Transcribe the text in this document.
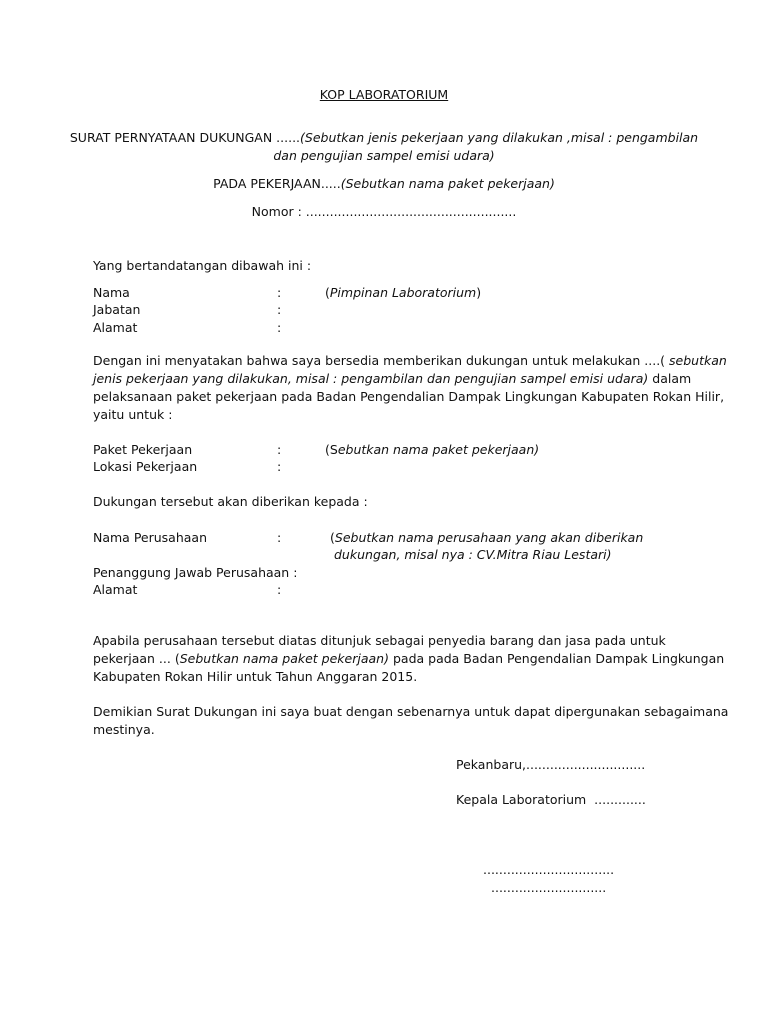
KOP LABORATORIUM
SURAT PERNYATAAN DUKUNGAN ......(Sebutkan jenis pekerjaan yang dilakukan ,misal : pengambilan
dan pengujian sampel emisi udara)
PADA PEKERJAAN.....(Sebutkan nama paket pekerjaan)
Nomor : .....................................................
Yang bertandatangan dibawah ini :
Nama	:	(Pimpinan Laboratorium)
Jabatan	:
Alamat	:
Dengan ini menyatakan bahwa saya bersedia memberikan dukungan untuk melakukan ....( sebutkan
jenis pekerjaan yang dilakukan, misal : pengambilan dan pengujian sampel emisi udara) dalam
pelaksanaan paket pekerjaan pada Badan Pengendalian Dampak Lingkungan Kabupaten Rokan Hilir,
yaitu untuk :
Paket Pekerjaan	:	(Sebutkan nama paket pekerjaan)
Lokasi Pekerjaan	:
Dukungan tersebut akan diberikan kepada :
Nama Perusahaan	:	(Sebutkan nama perusahaan yang akan diberikan
dukungan, misal nya : CV.Mitra Riau Lestari)
Penanggung Jawab Perusahaan :
Alamat	:
Apabila perusahaan tersebut diatas ditunjuk sebagai penyedia barang dan jasa pada untuk
pekerjaan ... (Sebutkan nama paket pekerjaan) pada pada Badan Pengendalian Dampak Lingkungan
Kabupaten Rokan Hilir untuk Tahun Anggaran 2015.
Demikian Surat Dukungan ini saya buat dengan sebenarnya untuk dapat dipergunakan sebagaimana
mestinya.
Pekanbaru,..............................
Kepala Laboratorium  .............
.................................
.............................
